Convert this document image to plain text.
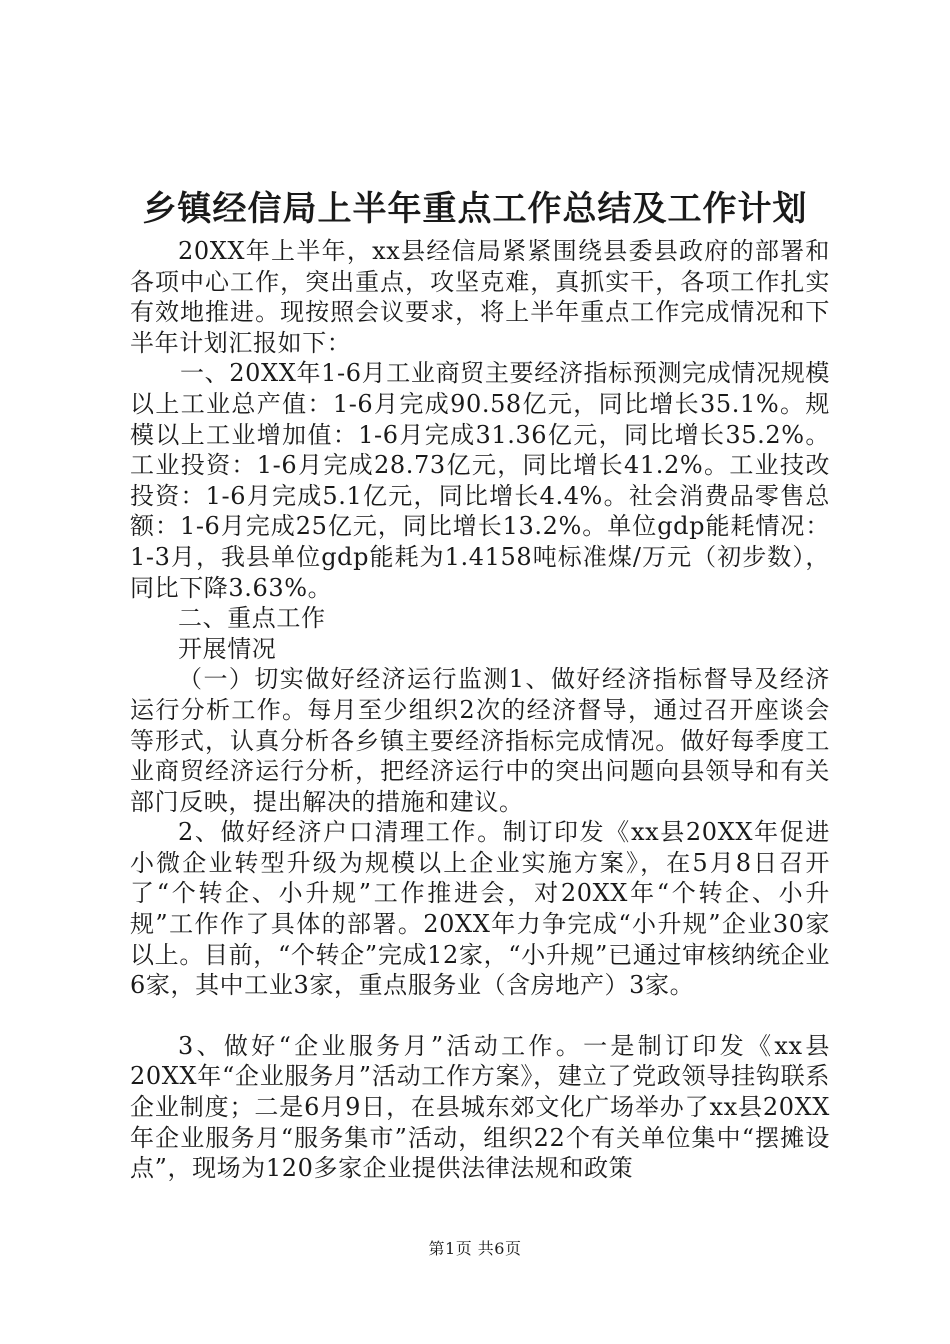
乡镇经信局上半年重点工作总结及工作计划

20XX年上半年，xx县经信局紧紧围绕县委县政府的部署和各项中心工作，突出重点，攻坚克难，真抓实干，各项工作扎实有效地推进。现按照会议要求，将上半年重点工作完成情况和下半年计划汇报如下：

一、20XX年1-6月工业商贸主要经济指标预测完成情况规模以上工业总产值：1-6月完成90.58亿元，同比增长35.1%。规模以上工业增加值：1-6月完成31.36亿元，同比增长35.2%。工业投资：1-6月完成28.73亿元，同比增长41.2%。工业技改投资：1-6月完成5.1亿元，同比增长4.4%。社会消费品零售总额：1-6月完成25亿元，同比增长13.2%。单位gdp能耗情况：1-3月，我县单位gdp能耗为1.4158吨标准煤/万元（初步数），同比下降3.63%。

二、重点工作

开展情况

（一）切实做好经济运行监测1、做好经济指标督导及经济运行分析工作。每月至少组织2次的经济督导，通过召开座谈会等形式，认真分析各乡镇主要经济指标完成情况。做好每季度工业商贸经济运行分析，把经济运行中的突出问题向县领导和有关部门反映，提出解决的措施和建议。

2、做好经济户口清理工作。制订印发《xx县20XX年促进小微企业转型升级为规模以上企业实施方案》，在5月8日召开了“个转企、小升规”工作推进会，对20XX年“个转企、小升规”工作作了具体的部署。20XX年力争完成“小升规”企业30家以上。目前，“个转企”完成12家，“小升规”已通过审核纳统企业6家，其中工业3家，重点服务业（含房地产）3家。

3、做好“企业服务月”活动工作。一是制订印发《xx县20XX年“企业服务月”活动工作方案》，建立了党政领导挂钩联系企业制度；二是6月9日，在县城东郊文化广场举办了xx县20XX年企业服务月“服务集市”活动，组织22个有关单位集中“摆摊设点”，现场为120多家企业提供法律法规和政策

第1页 共6页
